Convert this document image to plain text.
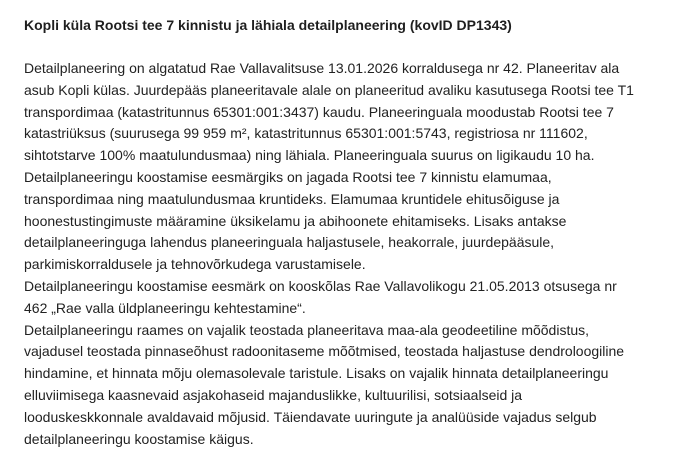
Kopli küla Rootsi tee 7 kinnistu ja lähiala detailplaneering (kovID DP1343)

Detailplaneering on algatatud Rae Vallavalitsuse 13.01.2026 korraldusega nr 42. Planeeritav ala
asub Kopli külas. Juurdepääs planeeritavale alale on planeeritud avaliku kasutusega Rootsi tee T1
transpordimaa (katastritunnus 65301:001:3437) kaudu. Planeeringuala moodustab Rootsi tee 7
katastriüksus (suurusega 99 959 m², katastritunnus 65301:001:5743, registriosa nr 111602,
sihtotstarve 100% maatulundusmaa) ning lähiala. Planeeringuala suurus on ligikaudu 10 ha.

Detailplaneeringu koostamise eesmärgiks on jagada Rootsi tee 7 kinnistu elamumaa,
transpordimaa ning maatulundusmaa kruntideks. Elamumaa kruntidele ehitusõiguse ja
hoonestustingimuste määramine üksikelamu ja abihoonete ehitamiseks. Lisaks antakse
detailplaneeringuga lahendus planeeringuala haljastusele, heakorrale, juurdepääsule,
parkimiskorraldusele ja tehnovõrkudega varustamisele.

Detailplaneeringu koostamise eesmärk on kooskõlas Rae Vallavolikogu 21.05.2013 otsusega nr
462 „Rae valla üldplaneeringu kehtestamine“.

Detailplaneeringu raames on vajalik teostada planeeritava maa-ala geodeetiline mõõdistus,
vajadusel teostada pinnaseõhust radoonitaseme mõõtmised, teostada haljastuse dendroloogiline
hindamine, et hinnata mõju olemasolevale taristule. Lisaks on vajalik hinnata detailplaneeringu
elluviimisega kaasnevaid asjakohaseid majanduslikke, kultuurilisi, sotsiaalseid ja
looduskeskkonnale avaldavaid mõjusid. Täiendavate uuringute ja analüüside vajadus selgub
detailplaneeringu koostamise käigus.
